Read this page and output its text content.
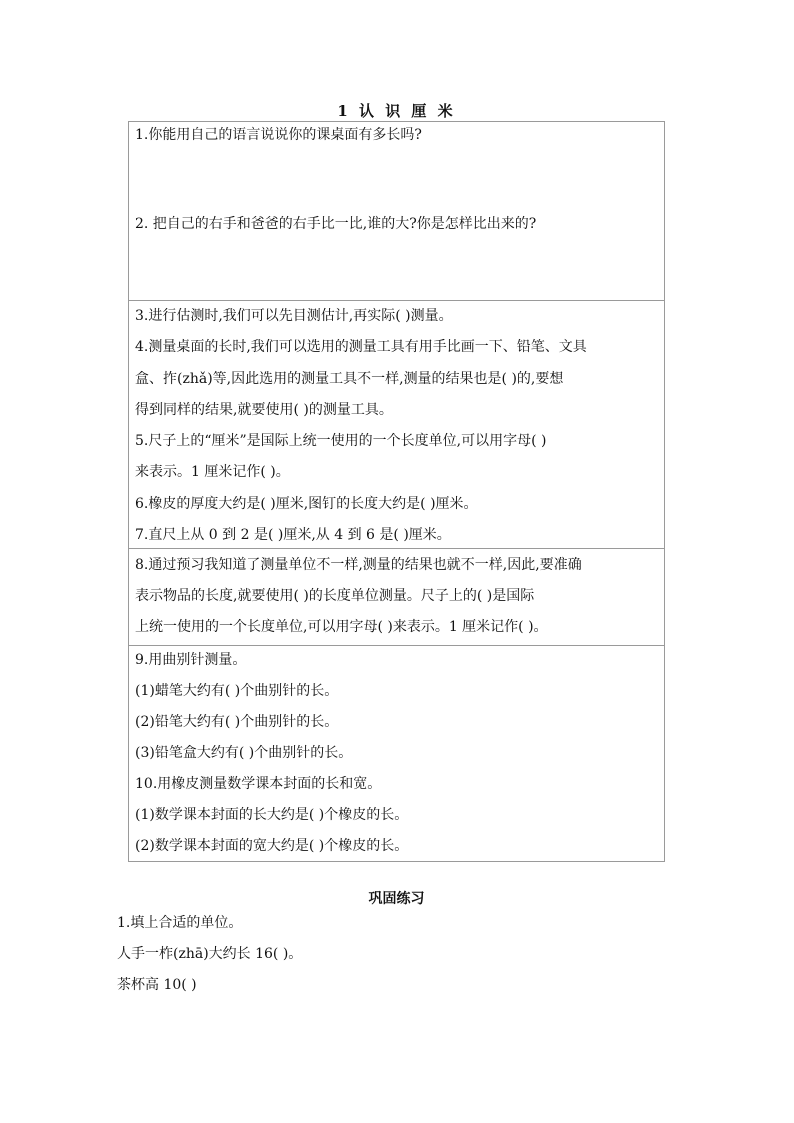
1 认 识 厘 米
1.你能用自己的语言说说你的课桌面有多长吗?
2. 把自己的右手和爸爸的右手比一比,谁的大?你是怎样比出来的?
3.进行估测时,我们可以先目测估计,再实际( )测量。
4.测量桌面的长时,我们可以选用的测量工具有用手比画一下、铅笔、文具
盒、拃(zhǎ)等,因此选用的测量工具不一样,测量的结果也是( )的,要想
得到同样的结果,就要使用( )的测量工具。
5.尺子上的“厘米”是国际上统一使用的一个长度单位,可以用字母( )
来表示。1 厘米记作( )。
6.橡皮的厚度大约是( )厘米,图钉的长度大约是( )厘米。
7.直尺上从 0 到 2 是( )厘米,从 4 到 6 是( )厘米。
8.通过预习我知道了测量单位不一样,测量的结果也就不一样,因此,要准确
表示物品的长度,就要使用( )的长度单位测量。尺子上的( )是国际
上统一使用的一个长度单位,可以用字母( )来表示。1 厘米记作( )。
9.用曲别针测量。
(1)蜡笔大约有( )个曲别针的长。
(2)铅笔大约有( )个曲别针的长。
(3)铅笔盒大约有( )个曲别针的长。
10.用橡皮测量数学课本封面的长和宽。
(1)数学课本封面的长大约是( )个橡皮的长。
(2)数学课本封面的宽大约是( )个橡皮的长。
巩固练习
1.填上合适的单位。
人手一柞(zhā)大约长 16( )。
茶杯高 10( )
